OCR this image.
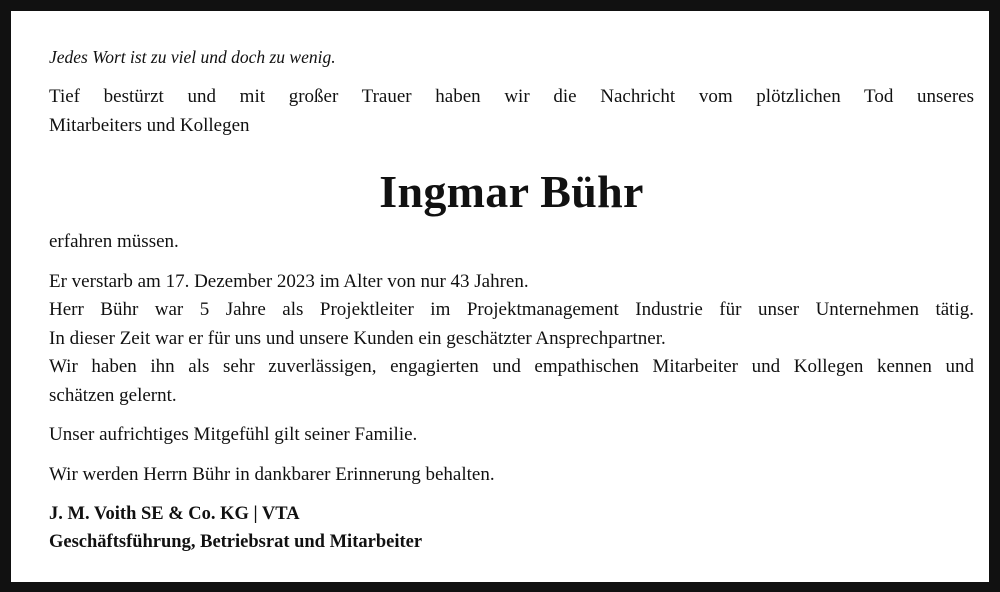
Jedes Wort ist zu viel und doch zu wenig.

Tief bestürzt und mit großer Trauer haben wir die Nachricht vom plötzlichen Tod unseres

Mitarbeiters und Kollegen

Ingmar Bühr

erfahren müssen.

Er verstarb am 17. Dezember 2023 im Alter von nur 43 Jahren.

Herr Bühr war 5 Jahre als Projektleiter im Projektmanagement Industrie für unser Unternehmen tätig.

In dieser Zeit war er für uns und unsere Kunden ein geschätzter Ansprechpartner.

Wir haben ihn als sehr zuverlässigen, engagierten und empathischen Mitarbeiter und Kollegen kennen und

schätzen gelernt.

Unser aufrichtiges Mitgefühl gilt seiner Familie.

Wir werden Herrn Bühr in dankbarer Erinnerung behalten.

J. M. Voith SE & Co. KG | VTA

Geschäftsführung, Betriebsrat und Mitarbeiter
